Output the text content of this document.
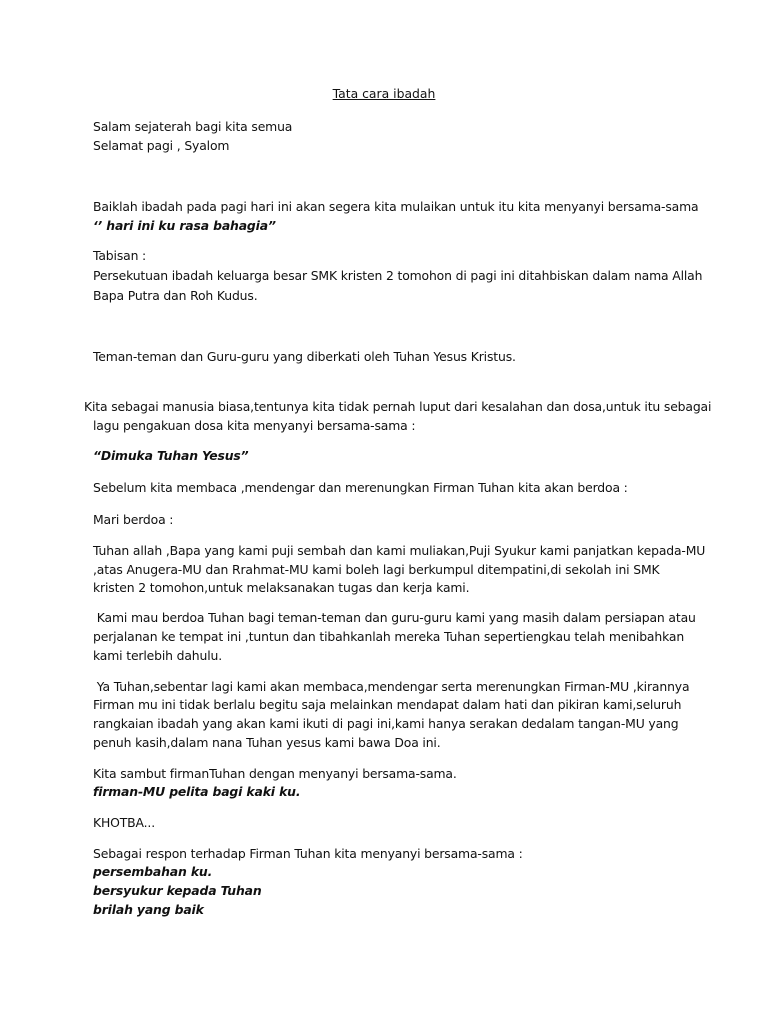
Tata cara ibadah
Salam sejaterah bagi kita semua
Selamat pagi , Syalom
Baiklah ibadah pada pagi hari ini akan segera kita mulaikan untuk itu kita menyanyi bersama-sama
‘’ hari ini ku rasa bahagia”
Tabisan :
Persekutuan ibadah keluarga besar SMK kristen 2 tomohon di pagi ini ditahbiskan dalam nama Allah
Bapa Putra dan Roh Kudus.
Teman-teman dan Guru-guru yang diberkati oleh Tuhan Yesus Kristus.
Kita sebagai manusia biasa,tentunya kita tidak pernah luput dari kesalahan dan dosa,untuk itu sebagai
lagu pengakuan dosa kita menyanyi bersama-sama :
“Dimuka Tuhan Yesus”
Sebelum kita membaca ,mendengar dan merenungkan Firman Tuhan kita akan berdoa :
Mari berdoa :
Tuhan allah ,Bapa yang kami puji sembah dan kami muliakan,Puji Syukur kami panjatkan kepada-MU
,atas Anugera-MU dan Rrahmat-MU kami boleh lagi berkumpul ditempatini,di sekolah ini SMK
kristen 2 tomohon,untuk melaksanakan tugas dan kerja kami.
Kami mau berdoa Tuhan bagi teman-teman dan guru-guru kami yang masih dalam persiapan atau
perjalanan ke tempat ini ,tuntun dan tibahkanlah mereka Tuhan sepertiengkau telah menibahkan
kami terlebih dahulu.
Ya Tuhan,sebentar lagi kami akan membaca,mendengar serta merenungkan Firman-MU ,kirannya
Firman mu ini tidak berlalu begitu saja melainkan mendapat dalam hati dan pikiran kami,seluruh
rangkaian ibadah yang akan kami ikuti di pagi ini,kami hanya serakan dedalam tangan-MU yang
penuh kasih,dalam nana Tuhan yesus kami bawa Doa ini.
Kita sambut firmanTuhan dengan menyanyi bersama-sama.
firman-MU pelita bagi kaki ku.
KHOTBA...
Sebagai respon terhadap Firman Tuhan kita menyanyi bersama-sama :
persembahan ku.
bersyukur kepada Tuhan
brilah yang baik
